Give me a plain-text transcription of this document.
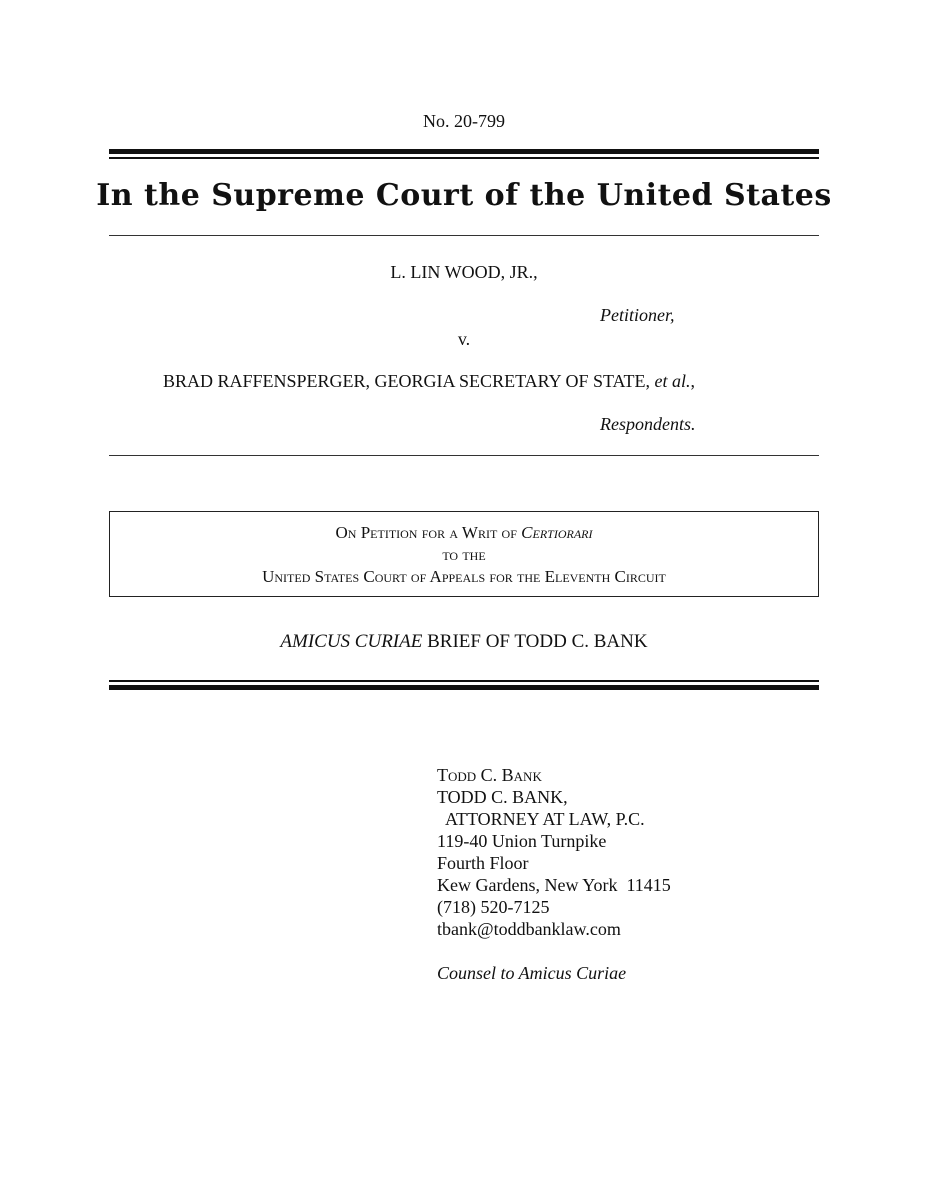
No. 20-799
In the Supreme Court of the United States
L. LIN WOOD, JR.,
Petitioner,
v.
BRAD RAFFENSPERGER, GEORGIA SECRETARY OF STATE, et al.,
Respondents.
On Petition for a Writ of Certiorari
to the
United States Court of Appeals for the Eleventh Circuit
AMICUS CURIAE BRIEF OF TODD C. BANK
Todd C. Bank
TODD C. BANK,
ATTORNEY AT LAW, P.C.
119-40 Union Turnpike
Fourth Floor
Kew Gardens, New York  11415
(718) 520-7125
tbank@toddbanklaw.com
Counsel to Amicus Curiae
